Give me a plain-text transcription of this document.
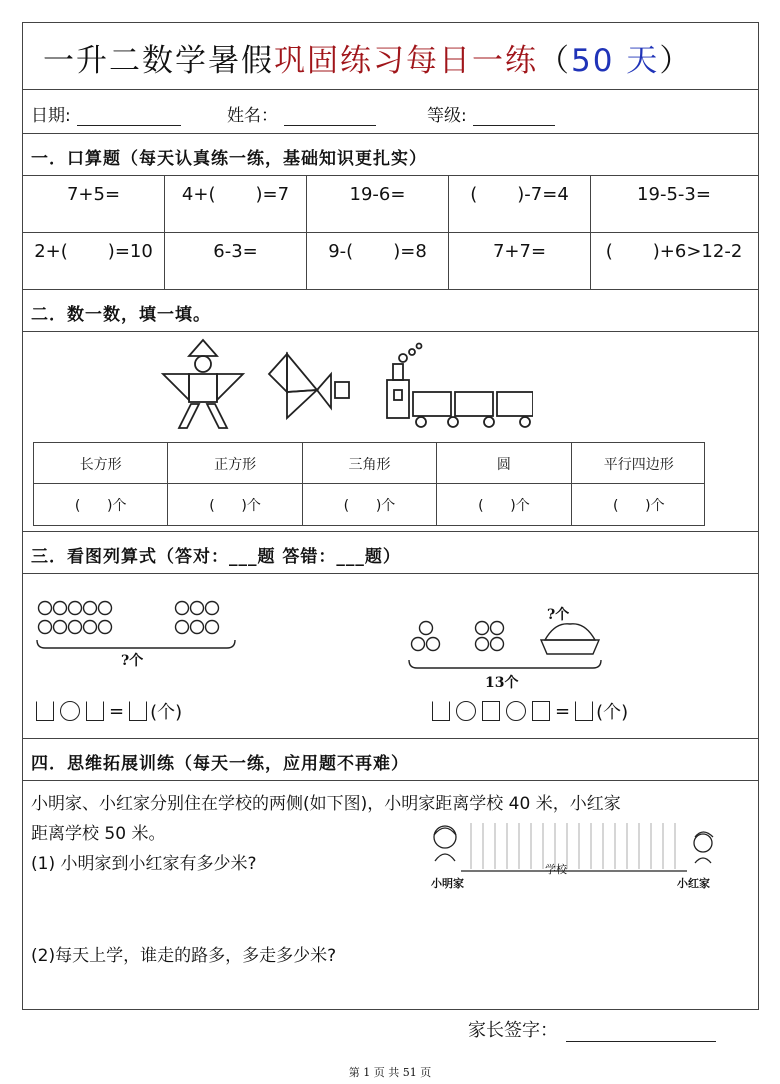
一升二数学暑假巩固练习每日一练（50 天）
日期:	姓名：	等级:
一．口算题（每天认真练一练，基础知识更扎实）
7+5=	4+(       )=7	19-6=	(       )-7=4	19-5-3=
2+(       )=10	6-3=	9-(       )=8	7+7=	(       )+6>12-2
二．数一数，填一填。
长方形	正方形	三角形	圆	平行四边形
(      )个	(      )个	(      )个	(      )个	(      )个
三．看图列算式（答对：___题 答错：___题）
?个
?个
13个
= (个)	= (个)
四．思维拓展训练（每天一练，应用题不再难）
小明家、小红家分别住在学校的两侧(如下图)，小明家距离学校 40 米，小红家
距离学校 50 米。
(1) 小明家到小红家有多少米?
(2)每天上学，谁走的路多，多走多少米?
小明家
学校
小红家
家长签字：
第 1 页 共 51 页
